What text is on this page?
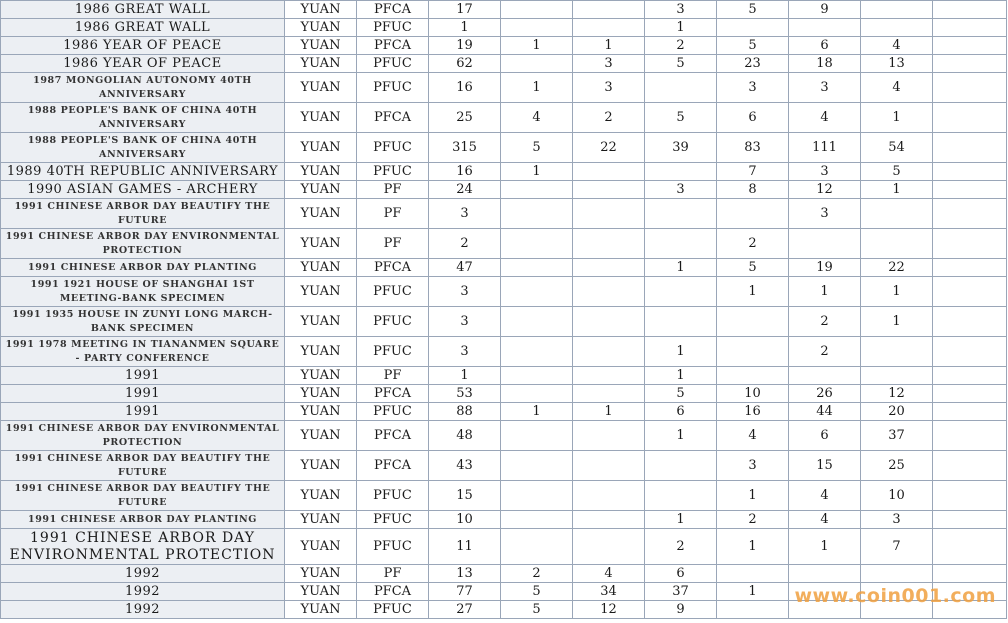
1986 GREAT WALL	YUAN	PFCA	17			3	5	9		
1986 GREAT WALL	YUAN	PFUC	1			1				
1986 YEAR OF PEACE	YUAN	PFCA	19	1	1	2	5	6	4	
1986 YEAR OF PEACE	YUAN	PFUC	62		3	5	23	18	13	
1987 MONGOLIAN AUTONOMY 40TH ANNIVERSARY	YUAN	PFUC	16	1	3		3	3	4	
1988 PEOPLE'S BANK OF CHINA 40TH ANNIVERSARY	YUAN	PFCA	25	4	2	5	6	4	1	
1988 PEOPLE'S BANK OF CHINA 40TH ANNIVERSARY	YUAN	PFUC	315	5	22	39	83	111	54	
1989 40TH REPUBLIC ANNIVERSARY	YUAN	PFUC	16	1			7	3	5	
1990 ASIAN GAMES - ARCHERY	YUAN	PF	24			3	8	12	1	
1991 CHINESE ARBOR DAY BEAUTIFY THE FUTURE	YUAN	PF	3					3		
1991 CHINESE ARBOR DAY ENVIRONMENTAL PROTECTION	YUAN	PF	2				2			
1991 CHINESE ARBOR DAY PLANTING	YUAN	PFCA	47			1	5	19	22	
1991 1921 HOUSE OF SHANGHAI 1ST MEETING-BANK SPECIMEN	YUAN	PFUC	3				1	1	1	
1991 1935 HOUSE IN ZUNYI LONG MARCH-BANK SPECIMEN	YUAN	PFUC	3					2	1	
1991 1978 MEETING IN TIANANMEN SQUARE - PARTY CONFERENCE	YUAN	PFUC	3			1		2		
1991	YUAN	PF	1			1				
1991	YUAN	PFCA	53			5	10	26	12	
1991	YUAN	PFUC	88	1	1	6	16	44	20	
1991 CHINESE ARBOR DAY ENVIRONMENTAL PROTECTION	YUAN	PFCA	48			1	4	6	37	
1991 CHINESE ARBOR DAY BEAUTIFY THE FUTURE	YUAN	PFCA	43				3	15	25	
1991 CHINESE ARBOR DAY BEAUTIFY THE FUTURE	YUAN	PFUC	15				1	4	10	
1991 CHINESE ARBOR DAY PLANTING	YUAN	PFUC	10			1	2	4	3	
1991 CHINESE ARBOR DAY ENVIRONMENTAL PROTECTION	YUAN	PFUC	11			2	1	1	7	
1992	YUAN	PF	13	2	4	6				
1992	YUAN	PFCA	77	5	34	37	1			
1992	YUAN	PFUC	27	5	12	9				
www.coin001.com
